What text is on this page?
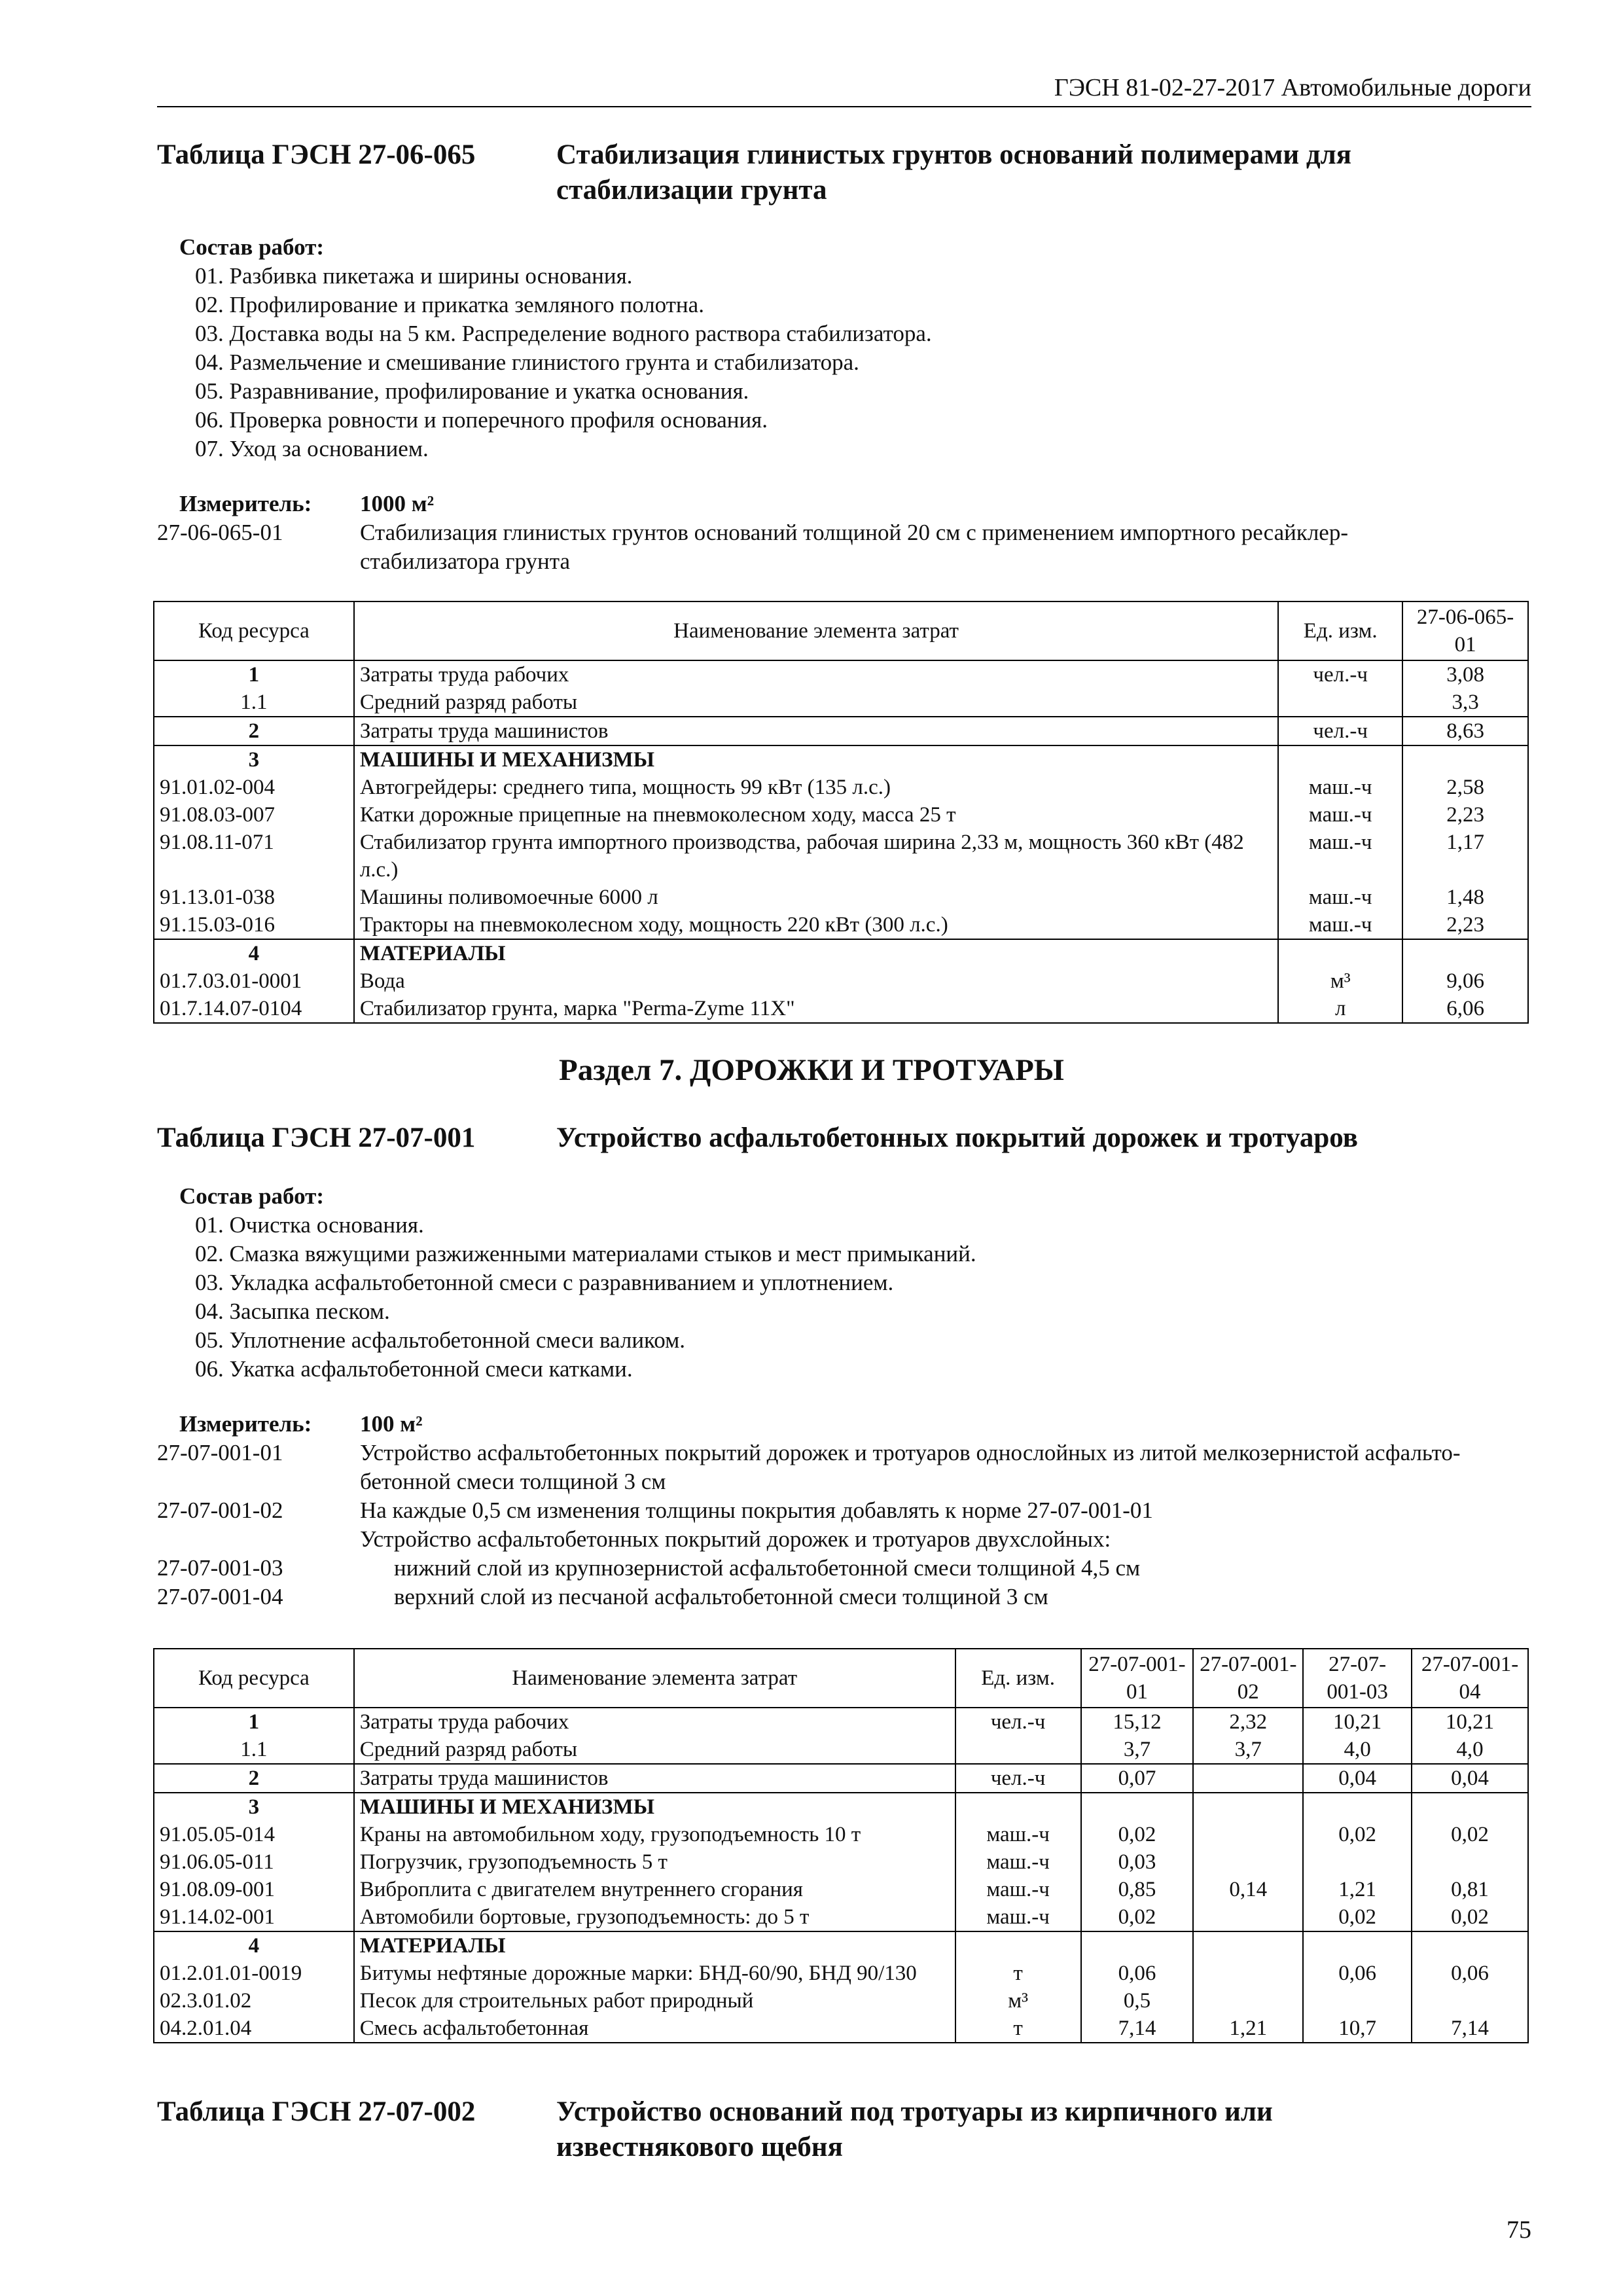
ГЭСН 81-02-27-2017 Автомобильные дороги
Таблица ГЭСН 27-06-065	Стабилизация глинистых грунтов оснований полимерами для стабилизации грунта
Состав работ:
01. Разбивка пикетажа и ширины основания.
02. Профилирование и прикатка земляного полотна.
03. Доставка воды на 5 км. Распределение водного раствора стабилизатора.
04. Размельчение и смешивание глинистого грунта и стабилизатора.
05. Разравнивание, профилирование и укатка основания.
06. Проверка ровности и поперечного профиля основания.
07. Уход за основанием.
Измеритель:	1000 м²
27-06-065-01	Стабилизация глинистых грунтов оснований толщиной 20 см с применением импортного ресайклер-стабилизатора грунта
Код ресурса	Наименование элемента затрат	Ед. изм.	27-06-065-01
1	Затраты труда рабочих	чел.-ч	3,08
1.1	Средний разряд работы		3,3
2	Затраты труда машинистов	чел.-ч	8,63
3	МАШИНЫ И МЕХАНИЗМЫ		
91.01.02-004	Автогрейдеры: среднего типа, мощность 99 кВт (135 л.с.)	маш.-ч	2,58
91.08.03-007	Катки дорожные прицепные на пневмоколесном ходу, масса 25 т	маш.-ч	2,23
91.08.11-071	Стабилизатор грунта импортного производства, рабочая ширина 2,33 м, мощность 360 кВт (482 л.с.)	маш.-ч	1,17
91.13.01-038	Машины поливомоечные 6000 л	маш.-ч	1,48
91.15.03-016	Тракторы на пневмоколесном ходу, мощность 220 кВт (300 л.с.)	маш.-ч	2,23
4	МАТЕРИАЛЫ		
01.7.03.01-0001	Вода	м³	9,06
01.7.14.07-0104	Стабилизатор грунта, марка "Perma-Zyme 11X"	л	6,06
Раздел 7. ДОРОЖКИ И ТРОТУАРЫ
Таблица ГЭСН 27-07-001	Устройство асфальтобетонных покрытий дорожек и тротуаров
Состав работ:
01. Очистка основания.
02. Смазка вяжущими разжиженными материалами стыков и мест примыканий.
03. Укладка асфальтобетонной смеси с разравниванием и уплотнением.
04. Засыпка песком.
05. Уплотнение асфальтобетонной смеси валиком.
06. Укатка асфальтобетонной смеси катками.
Измеритель:	100 м²
27-07-001-01	Устройство асфальтобетонных покрытий дорожек и тротуаров однослойных из литой мелкозернистой асфальто-бетонной смеси толщиной 3 см
27-07-001-02	На каждые 0,5 см изменения толщины покрытия добавлять к норме 27-07-001-01
Устройство асфальтобетонных покрытий дорожек и тротуаров двухслойных:
27-07-001-03	нижний слой из крупнозернистой асфальтобетонной смеси толщиной 4,5 см
27-07-001-04	верхний слой из песчаной асфальтобетонной смеси толщиной 3 см
Код ресурса	Наименование элемента затрат	Ед. изм.	27-07-001-01	27-07-001-02	27-07-001-03	27-07-001-04
1	Затраты труда рабочих	чел.-ч	15,12	2,32	10,21	10,21
1.1	Средний разряд работы		3,7	3,7	4,0	4,0
2	Затраты труда машинистов	чел.-ч	0,07		0,04	0,04
3	МАШИНЫ И МЕХАНИЗМЫ					
91.05.05-014	Краны на автомобильном ходу, грузоподъемность 10 т	маш.-ч	0,02		0,02	0,02
91.06.05-011	Погрузчик, грузоподъемность 5 т	маш.-ч	0,03			
91.08.09-001	Виброплита с двигателем внутреннего сгорания	маш.-ч	0,85	0,14	1,21	0,81
91.14.02-001	Автомобили бортовые, грузоподъемность: до 5 т	маш.-ч	0,02		0,02	0,02
4	МАТЕРИАЛЫ					
01.2.01.01-0019	Битумы нефтяные дорожные марки: БНД-60/90, БНД 90/130	т	0,06		0,06	0,06
02.3.01.02	Песок для строительных работ природный	м³	0,5			
04.2.01.04	Смесь асфальтобетонная	т	7,14	1,21	10,7	7,14
Таблица ГЭСН 27-07-002	Устройство оснований под тротуары из кирпичного или известнякового щебня
75
